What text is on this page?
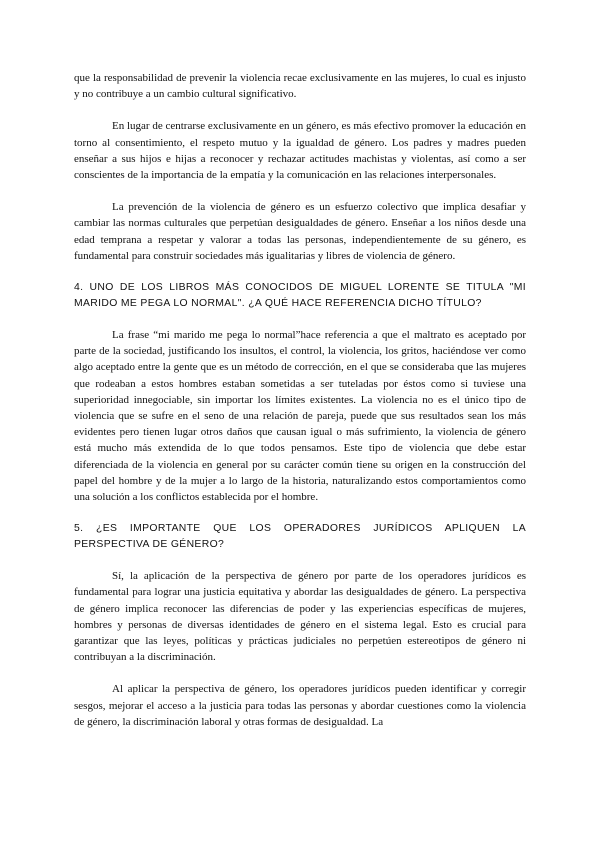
que la responsabilidad de prevenir la violencia recae exclusivamente en las mujeres, lo cual es injusto y no contribuye a un cambio cultural significativo.

En lugar de centrarse exclusivamente en un género, es más efectivo promover la educación en torno al consentimiento, el respeto mutuo y la igualdad de género. Los padres y madres pueden enseñar a sus hijos e hijas a reconocer y rechazar actitudes machistas y violentas, así como a ser conscientes de la importancia de la empatía y la comunicación en las relaciones interpersonales.

La prevención de la violencia de género es un esfuerzo colectivo que implica desafiar y cambiar las normas culturales que perpetúan desigualdades de género. Enseñar a los niños desde una edad temprana a respetar y valorar a todas las personas, independientemente de su género, es fundamental para construir sociedades más igualitarias y libres de violencia de género.

4. UNO DE LOS LIBROS MÁS CONOCIDOS DE MIGUEL LORENTE SE TITULA "MI MARIDO ME PEGA LO NORMAL". ¿A QUÉ HACE REFERENCIA DICHO TÍTULO?

La frase “mi marido me pega lo normal”hace referencia a que el maltrato es aceptado por parte de la sociedad, justificando los insultos, el control, la violencia, los gritos, haciéndose ver como algo aceptado entre la gente que es un método de corrección, en el que se consideraba que las mujeres que rodeaban a estos hombres estaban sometidas a ser tuteladas por éstos como si tuviese una superioridad innegociable, sin importar los límites existentes. La violencia no es el único tipo de violencia que se sufre en el seno de una relación de pareja, puede que sus resultados sean los más evidentes pero tienen lugar otros daños que causan igual o más sufrimiento, la violencia de género está mucho más extendida de lo que todos pensamos. Este tipo de violencia que debe estar diferenciada de la violencia en general por su carácter común tiene su origen en la construcción del papel del hombre y de la mujer a lo largo de la historia, naturalizando estos comportamientos como una solución a los conflictos establecida por el hombre.

5. ¿ES IMPORTANTE QUE LOS OPERADORES JURÍDICOS APLIQUEN LA PERSPECTIVA DE GÉNERO?

Sí, la aplicación de la perspectiva de género por parte de los operadores jurídicos es fundamental para lograr una justicia equitativa y abordar las desigualdades de género. La perspectiva de género implica reconocer las diferencias de poder y las experiencias específicas de mujeres, hombres y personas de diversas identidades de género en el sistema legal. Esto es crucial para garantizar que las leyes, políticas y prácticas judiciales no perpetúen estereotipos de género ni contribuyan a la discriminación.

Al aplicar la perspectiva de género, los operadores jurídicos pueden identificar y corregir sesgos, mejorar el acceso a la justicia para todas las personas y abordar cuestiones como la violencia de género, la discriminación laboral y otras formas de desigualdad. La
